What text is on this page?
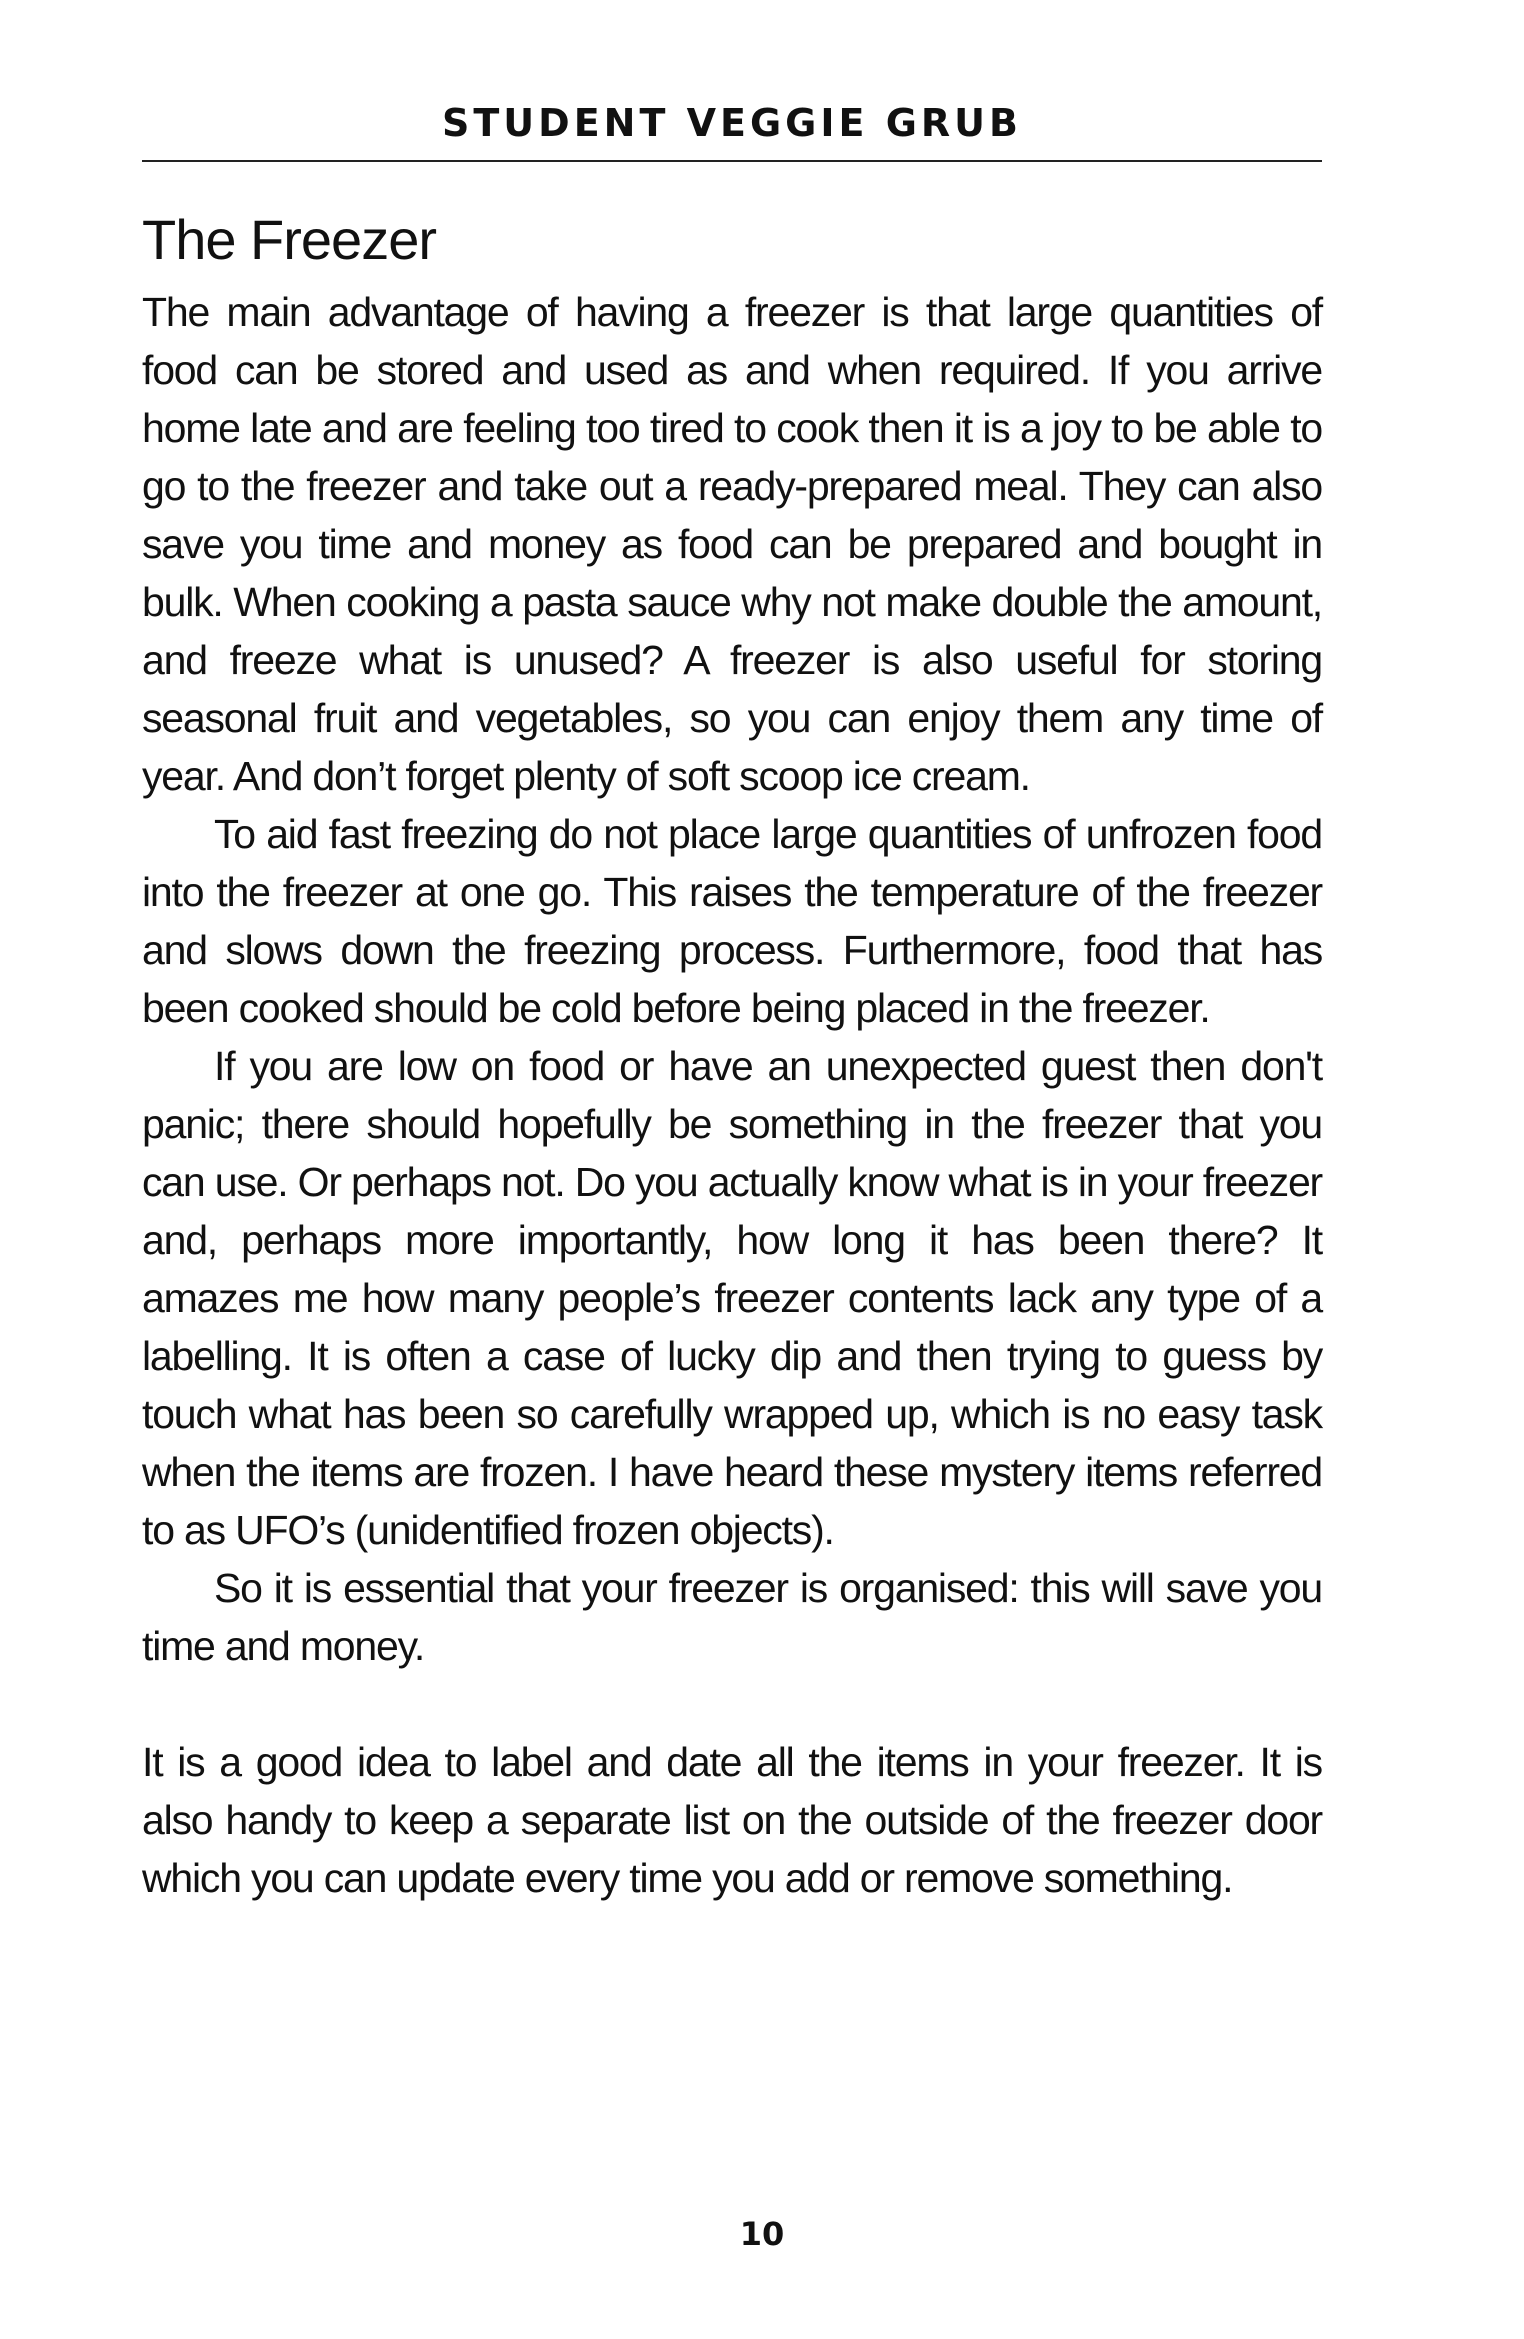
STUDENT VEGGIE GRUB
The Freezer

The main advantage of having a freezer is that large quantities of food can be stored and used as and when required. If you arrive home late and are feeling too tired to cook then it is a joy to be able to go to the freezer and take out a ready-prepared meal. They can also save you time and money as food can be prepared and bought in bulk. When cooking a pasta sauce why not make double the amount, and freeze what is unused? A freezer is also useful for storing seasonal fruit and vegetables, so you can enjoy them any time of year. And don’t forget plenty of soft scoop ice cream.

To aid fast freezing do not place large quantities of unfrozen food into the freezer at one go. This raises the temperature of the freezer and slows down the freezing process. Furthermore, food that has been cooked should be cold before being placed in the freezer.

If you are low on food or have an unexpected guest then don't panic; there should hopefully be something in the freezer that you can use. Or perhaps not. Do you actually know what is in your freezer and, perhaps more importantly, how long it has been there? It amazes me how many people’s freezer contents lack any type of a labelling. It is often a case of lucky dip and then trying to guess by touch what has been so carefully wrapped up, which is no easy task when the items are frozen. I have heard these mystery items referred to as UFO’s (unidentified frozen objects).

So it is essential that your freezer is organised: this will save you time and money.

It is a good idea to label and date all the items in your freezer. It is also handy to keep a separate list on the outside of the freezer door which you can update every time you add or remove something.

10
